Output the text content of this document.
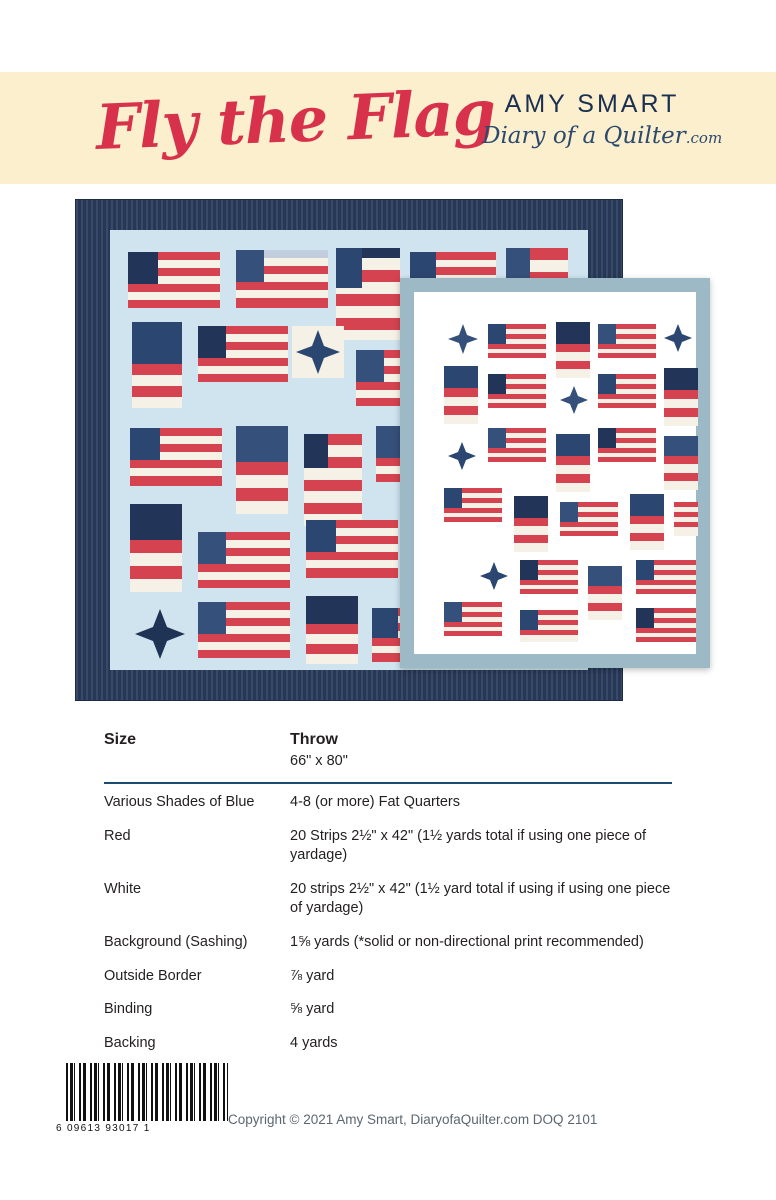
Fly the Flag AMY SMART
Diary of a Quilter.com
Size	Throw
66" x 80"
Various Shades of Blue	4-8 (or more) Fat Quarters
Red	20 Strips 2½" x 42" (1½ yards total if using one piece of yardage)
White	20 strips 2½" x 42" (1½ yard total if using if using one piece of yardage)
Background (Sashing)	1⅝ yards (*solid or non-directional print recommended)
Outside Border	⅞ yard
Binding	⅝ yard
Backing	4 yards
6 09613 93017 1
Copyright © 2021 Amy Smart, DiaryofaQuilter.com DOQ 2101
